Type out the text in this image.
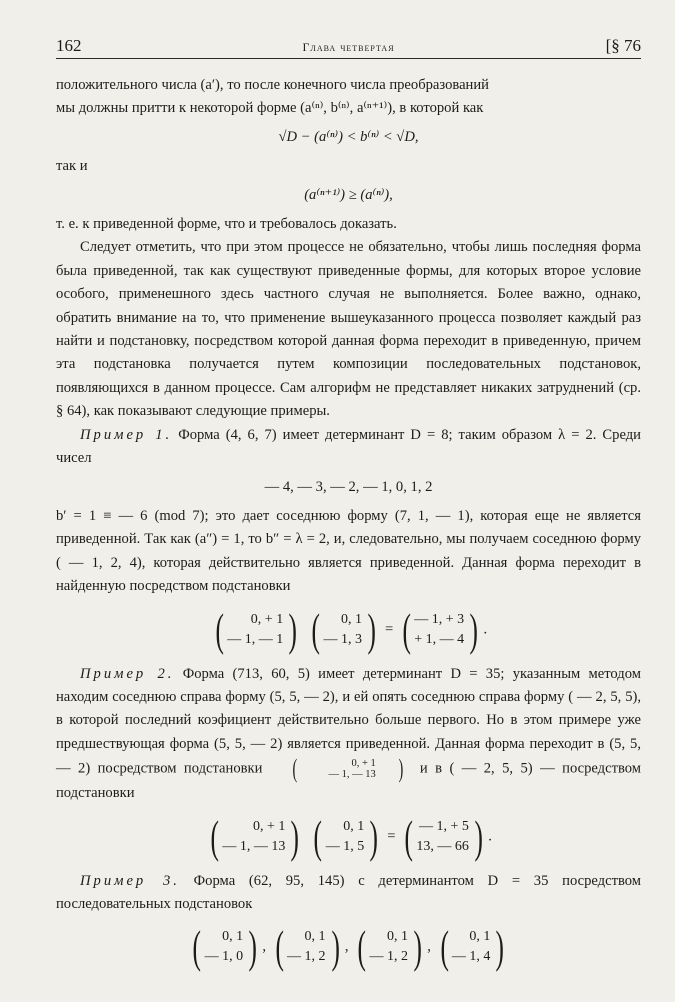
162	Глава четвертая	[§ 76

положительного числа (a′), то после конечного числа преобразований

мы должны притти к некоторой форме (a⁽ⁿ⁾, b⁽ⁿ⁾, a⁽ⁿ⁺¹⁾), в которой как

√D − (a⁽ⁿ⁾) < b⁽ⁿ⁾ < √D,

так и

(a⁽ⁿ⁺¹⁾) ≥ (a⁽ⁿ⁾),

т. е. к приведенной форме, что и требовалось доказать.

Следует отметить, что при этом процессе не обязательно, чтобы лишь последняя форма была приведенной, так как существуют приведенные формы, для которых второе условие особого, применешного здесь частного случая не выполняется. Более важно, однако, обратить внимание на то, что применение вышеуказанного процесса позволяет каждый раз найти и подстановку, посредством которой данная форма переходит в приведенную, причем эта подстановка получается путем композиции последовательных подстановок, появляющихся в данном процессе. Сам алгорифм не представляет никаких затруднений (ср. § 64), как показывают следующие примеры.

Пример 1. Форма (4, 6, 7) имеет детерминант D = 8; таким образом λ = 2. Среди чисел

— 4, — 3, — 2, — 1, 0, 1, 2

b′ = 1 ≡ — 6 (mod 7); это дает соседнюю форму (7, 1, — 1), которая еще не является приведенной. Так как (a″) = 1, то b″ = λ = 2, и, следовательно, мы получаем соседнюю форму ( — 1, 2, 4), которая действительно является приведенной. Данная форма переходит в найденную посредством подстановки

(	0, + 1
— 1, — 1 )
(	0, 1
— 1, 3 ) = ( — 1, + 3
+ 1, — 4 ) .

Пример 2. Форма (713, 60, 5) имеет детерминант D = 35; указанным методом находим соседнюю справа форму (5, 5, — 2), и ей опять соседнюю справа форму ( — 2, 5, 5), в которой последний коэфициент действительно больше первого. Но в этом примере уже предшествующая форма (5, 5, — 2) является приведенной. Данная форма переходит в (5, 5, — 2) посредством подстановки	(	0, + 1
— 1, — 13 ) и в ( — 2, 5, 5) — посредством подстановки

(	0, + 1
— 1, — 13 )
(	0, 1
— 1, 5 ) = ( — 1, + 5
13, — 66 ) .

Пример 3. Форма (62, 95, 145) с детерминантом D = 35 посредством последовательных подстановок

(	0, 1
— 1, 0 ) , (	0, 1
— 1, 2 ) , (	0, 1
— 1, 2 ) , (	0, 1
— 1, 4 )
